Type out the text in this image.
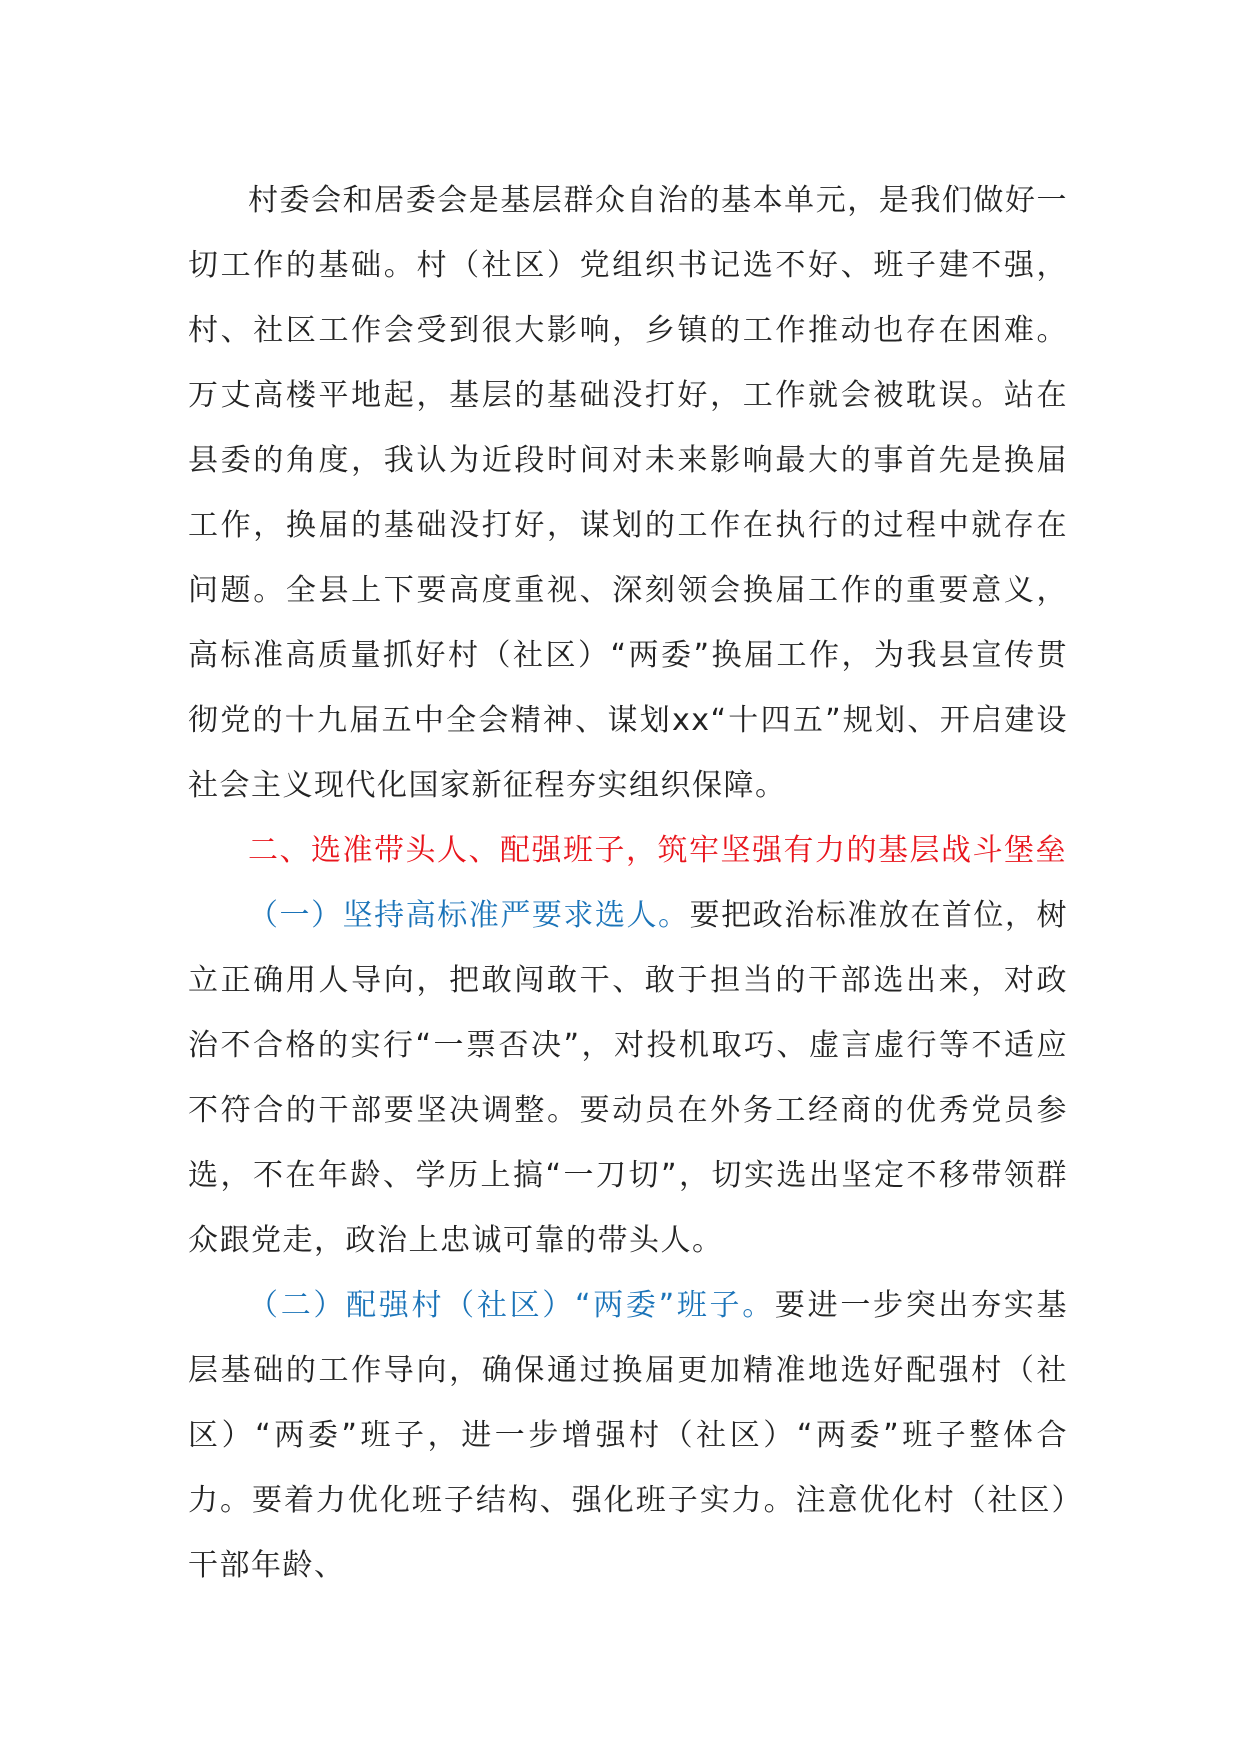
村委会和居委会是基层群众自治的基本单元，是我们做好一切工作的基础。村（社区）党组织书记选不好、班子建不强，村、社区工作会受到很大影响，乡镇的工作推动也存在困难。万丈高楼平地起，基层的基础没打好，工作就会被耽误。站在县委的角度，我认为近段时间对未来影响最大的事首先是换届工作，换届的基础没打好，谋划的工作在执行的过程中就存在问题。全县上下要高度重视、深刻领会换届工作的重要意义，高标准高质量抓好村（社区）“两委”换届工作，为我县宣传贯彻党的十九届五中全会精神、谋划xx“十四五”规划、开启建设社会主义现代化国家新征程夯实组织保障。

二、选准带头人、配强班子，筑牢坚强有力的基层战斗堡垒

（一）坚持高标准严要求选人。要把政治标准放在首位，树立正确用人导向，把敢闯敢干、敢于担当的干部选出来，对政治不合格的实行“一票否决”，对投机取巧、虚言虚行等不适应不符合的干部要坚决调整。要动员在外务工经商的优秀党员参选，不在年龄、学历上搞“一刀切”，切实选出坚定不移带领群众跟党走，政治上忠诚可靠的带头人。

（二）配强村（社区）“两委”班子。要进一步突出夯实基层基础的工作导向，确保通过换届更加精准地选好配强村（社区）“两委”班子，进一步增强村（社区）“两委”班子整体合力。要着力优化班子结构、强化班子实力。注意优化村（社区）干部年龄、
